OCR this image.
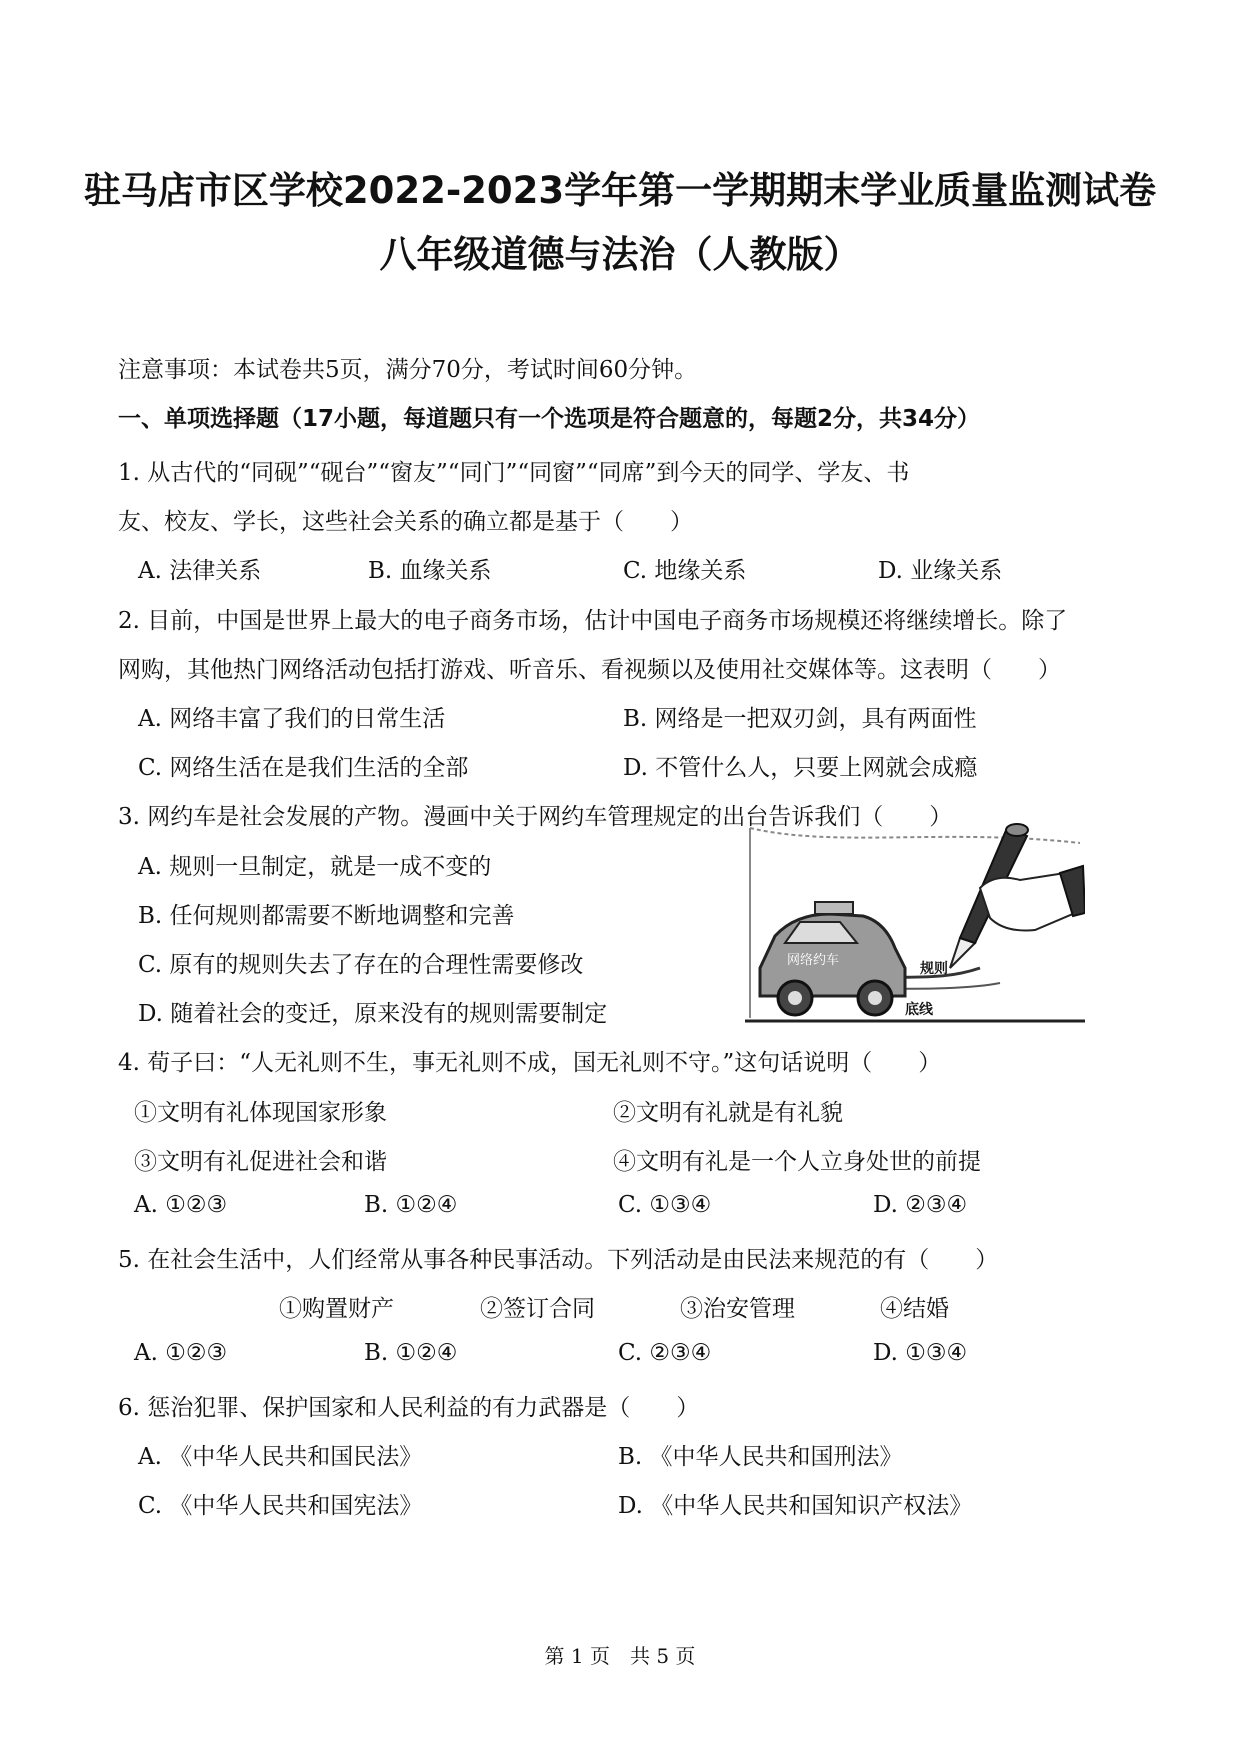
驻马店市区学校2022-2023学年第一学期期末学业质量监测试卷
八年级道德与法治（人教版）
注意事项：本试卷共5页，满分70分，考试时间60分钟。
一、单项选择题（17小题，每道题只有一个选项是符合题意的，每题2分，共34分）
1. 从古代的“同砚”“砚台”“窗友”“同门”“同窗”“同席”到今天的同学、学友、书
友、校友、学长，这些社会关系的确立都是基于（　　）
A. 法律关系	B. 血缘关系	C. 地缘关系	D. 业缘关系
2. 目前，中国是世界上最大的电子商务市场，估计中国电子商务市场规模还将继续增长。除了
网购，其他热门网络活动包括打游戏、听音乐、看视频以及使用社交媒体等。这表明（　　）
A. 网络丰富了我们的日常生活	B. 网络是一把双刃剑，具有两面性
C. 网络生活在是我们生活的全部	D. 不管什么人，只要上网就会成瘾
3. 网约车是社会发展的产物。漫画中关于网约车管理规定的出台告诉我们（　　）
A. 规则一旦制定，就是一成不变的
B. 任何规则都需要不断地调整和完善
C. 原有的规则失去了存在的合理性需要修改
D. 随着社会的变迁，原来没有的规则需要制定
网络约车
规则
底线
4. 荀子曰：“人无礼则不生，事无礼则不成，国无礼则不守。”这句话说明（　　）
①文明有礼体现国家形象	②文明有礼就是有礼貌
③文明有礼促进社会和谐	④文明有礼是一个人立身处世的前提
A. ①②③	B. ①②④	C. ①③④	D. ②③④
5. 在社会生活中，人们经常从事各种民事活动。下列活动是由民法来规范的有（　　）
①购置财产	②签订合同	③治安管理	④结婚
A. ①②③	B. ①②④	C. ②③④	D. ①③④
6. 惩治犯罪、保护国家和人民利益的有力武器是（　　）
A. 《中华人民共和国民法》	B. 《中华人民共和国刑法》
C. 《中华人民共和国宪法》	D. 《中华人民共和国知识产权法》
第 1 页　共 5 页
